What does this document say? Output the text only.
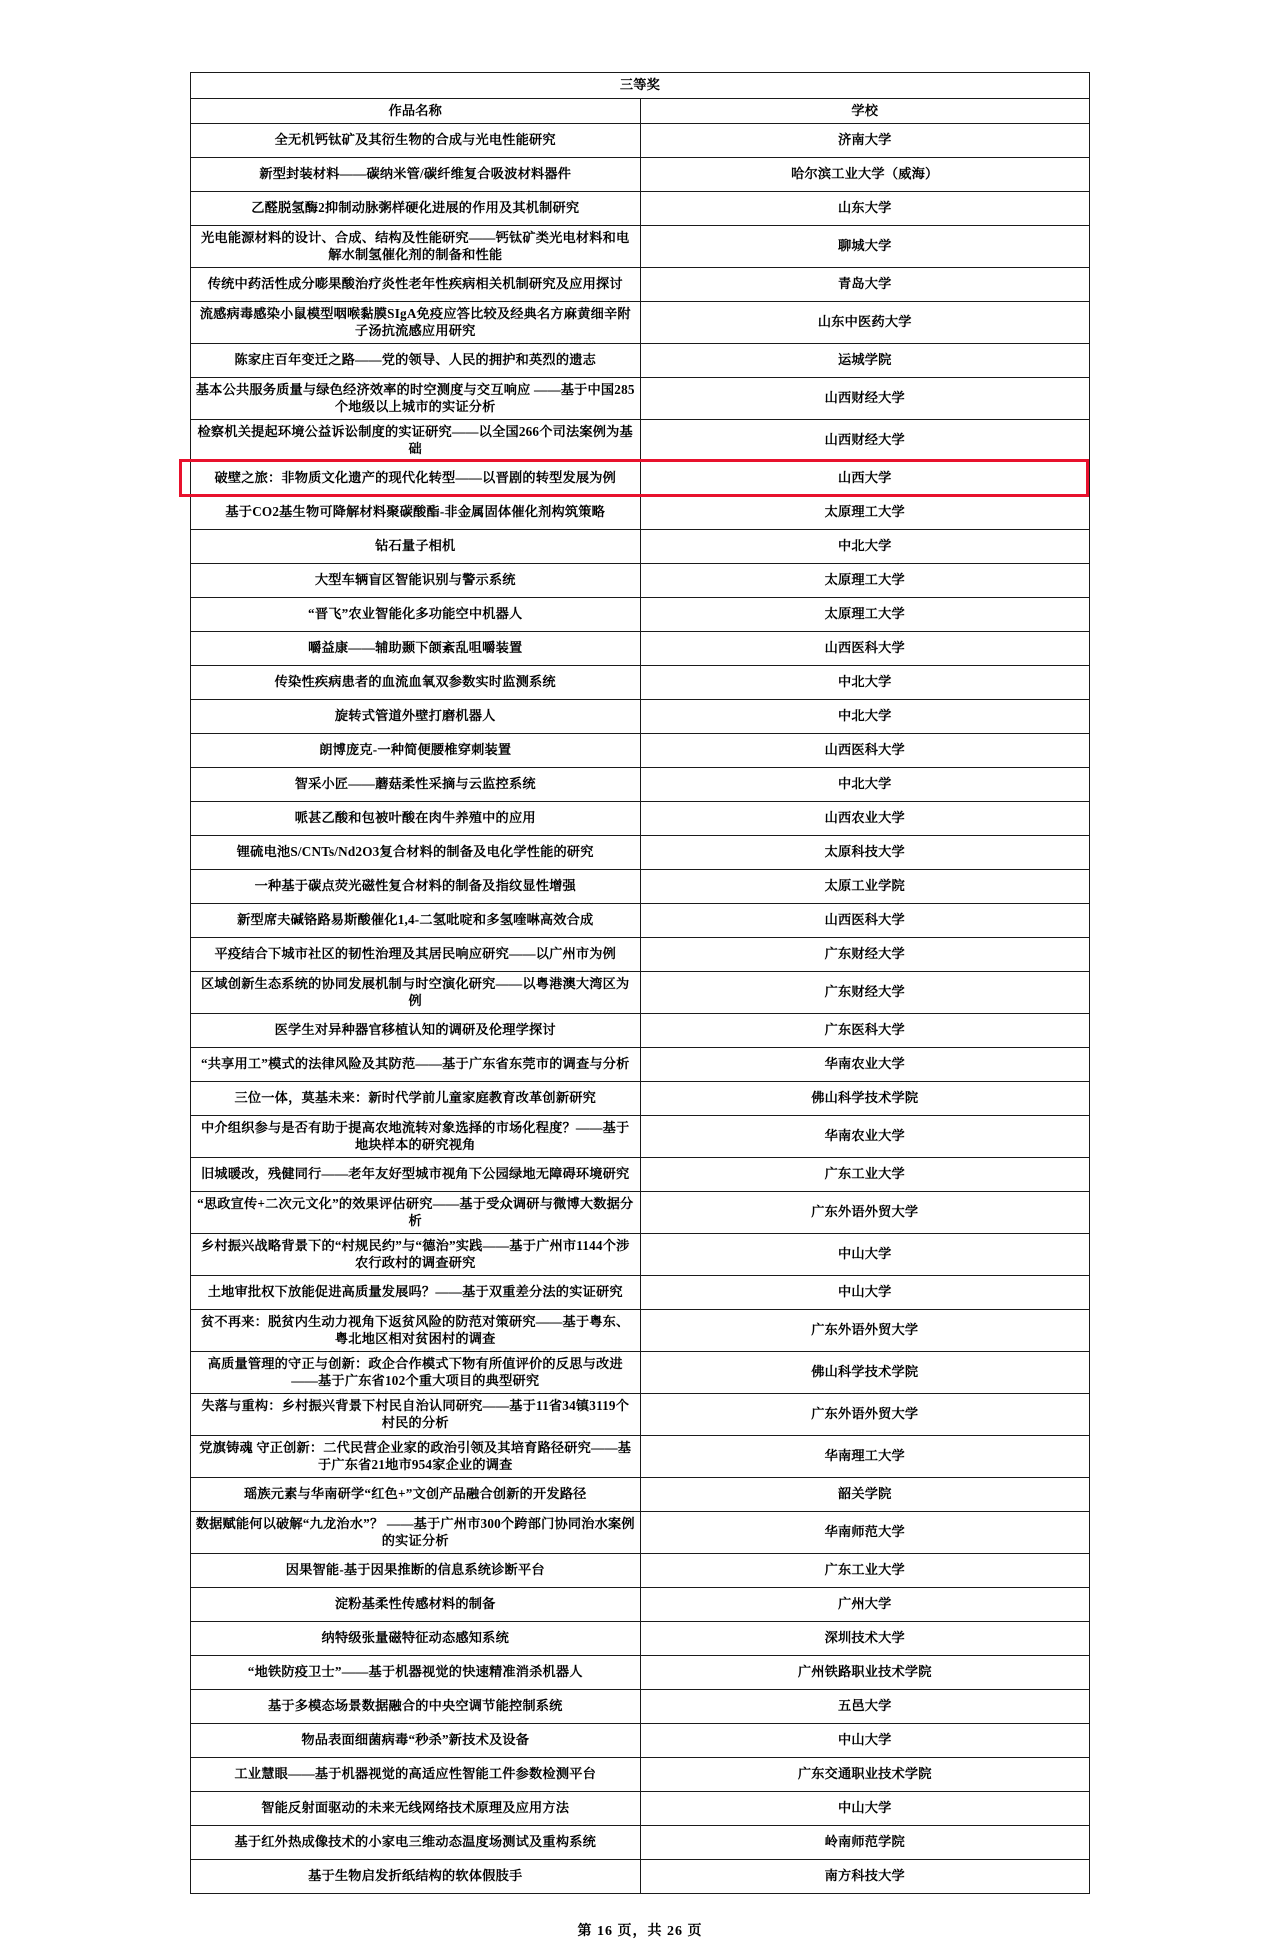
三等奖	
作品名称	学校
全无机钙钛矿及其衍生物的合成与光电性能研究	济南大学
新型封装材料——碳纳米管/碳纤维复合吸波材料器件	哈尔滨工业大学（威海）
乙醛脱氢酶2抑制动脉粥样硬化进展的作用及其机制研究	山东大学
光电能源材料的设计、合成、结构及性能研究——钙钛矿类光电材料和电解水制氢催化剂的制备和性能	聊城大学
传统中药活性成分嘭果酸治疗炎性老年性疾病相关机制研究及应用探讨	青岛大学
流感病毒感染小鼠模型咽喉黏膜SIgA免疫应答比较及经典名方麻黄细辛附子汤抗流感应用研究	山东中医药大学
陈家庄百年变迁之路——党的领导、人民的拥护和英烈的遗志	运城学院
基本公共服务质量与绿色经济效率的时空测度与交互响应 ——基于中国285个地级以上城市的实证分析	山西财经大学
检察机关提起环境公益诉讼制度的实证研究——以全国266个司法案例为基础	山西财经大学
破壁之旅：非物质文化遗产的现代化转型——以晋剧的转型发展为例	山西大学
基于CO2基生物可降解材料聚碳酸酯-非金属固体催化剂构筑策略	太原理工大学
钻石量子相机	中北大学
大型车辆盲区智能识别与警示系统	太原理工大学
“晋飞”农业智能化多功能空中机器人	太原理工大学
嚼益康——辅助颞下颌紊乱咀嚼装置	山西医科大学
传染性疾病患者的血流血氧双参数实时监测系统	中北大学
旋转式管道外壁打磨机器人	中北大学
朗博庞克-一种简便腰椎穿刺装置	山西医科大学
智采小匠——蘑菇柔性采摘与云监控系统	中北大学
哌甚乙酸和包被叶酸在肉牛养殖中的应用	山西农业大学
锂硫电池S/CNTs/Nd2O3复合材料的制备及电化学性能的研究	太原科技大学
一种基于碳点荧光磁性复合材料的制备及指纹显性增强	太原工业学院
新型席夫碱铬路易斯酸催化1,4-二氢吡啶和多氢喹啉高效合成	山西医科大学
平疫结合下城市社区的韧性治理及其居民响应研究——以广州市为例	广东财经大学
区域创新生态系统的协同发展机制与时空演化研究——以粤港澳大湾区为例	广东财经大学
医学生对异种器官移植认知的调研及伦理学探讨	广东医科大学
“共享用工”模式的法律风险及其防范——基于广东省东莞市的调查与分析	华南农业大学
三位一体，莫基未来：新时代学前儿童家庭教育改革创新研究	佛山科学技术学院
中介组织参与是否有助于提高农地流转对象选择的市场化程度？——基于地块样本的研究视角	华南农业大学
旧城暖改，残健同行——老年友好型城市视角下公园绿地无障碍环境研究	广东工业大学
“思政宣传+二次元文化”的效果评估研究——基于受众调研与微博大数据分析	广东外语外贸大学
乡村振兴战略背景下的“村规民约”与“德治”实践——基于广州市1144个涉农行政村的调查研究	中山大学
土地审批权下放能促进高质量发展吗？——基于双重差分法的实证研究	中山大学
贫不再来：脱贫内生动力视角下返贫风险的防范对策研究——基于粤东、粤北地区相对贫困村的调查	广东外语外贸大学
高质量管理的守正与创新：政企合作模式下物有所值评价的反思与改进——基于广东省102个重大项目的典型研究	佛山科学技术学院
失落与重构：乡村振兴背景下村民自治认同研究——基于11省34镇3119个村民的分析	广东外语外贸大学
党旗铸魂 守正创新：二代民营企业家的政治引领及其培育路径研究——基于广东省21地市954家企业的调查	华南理工大学
瑶族元素与华南研学“红色+”文创产品融合创新的开发路径	韶关学院
数据赋能何以破解“九龙治水”？ ——基于广州市300个跨部门协同治水案例的实证分析	华南师范大学
因果智能-基于因果推断的信息系统诊断平台	广东工业大学
淀粉基柔性传感材料的制备	广州大学
纳特级张量磁特征动态感知系统	深圳技术大学
“地铁防疫卫士”——基于机器视觉的快速精准消杀机器人	广州铁路职业技术学院
基于多模态场景数据融合的中央空调节能控制系统	五邑大学
物品表面细菌病毒“秒杀”新技术及设备	中山大学
工业慧眼——基于机器视觉的高适应性智能工件参数检测平台	广东交通职业技术学院
智能反射面驱动的未来无线网络技术原理及应用方法	中山大学
基于红外热成像技术的小家电三维动态温度场测试及重构系统	岭南师范学院
基于生物启发折纸结构的软体假肢手	南方科技大学
第 16 页，共 26 页
